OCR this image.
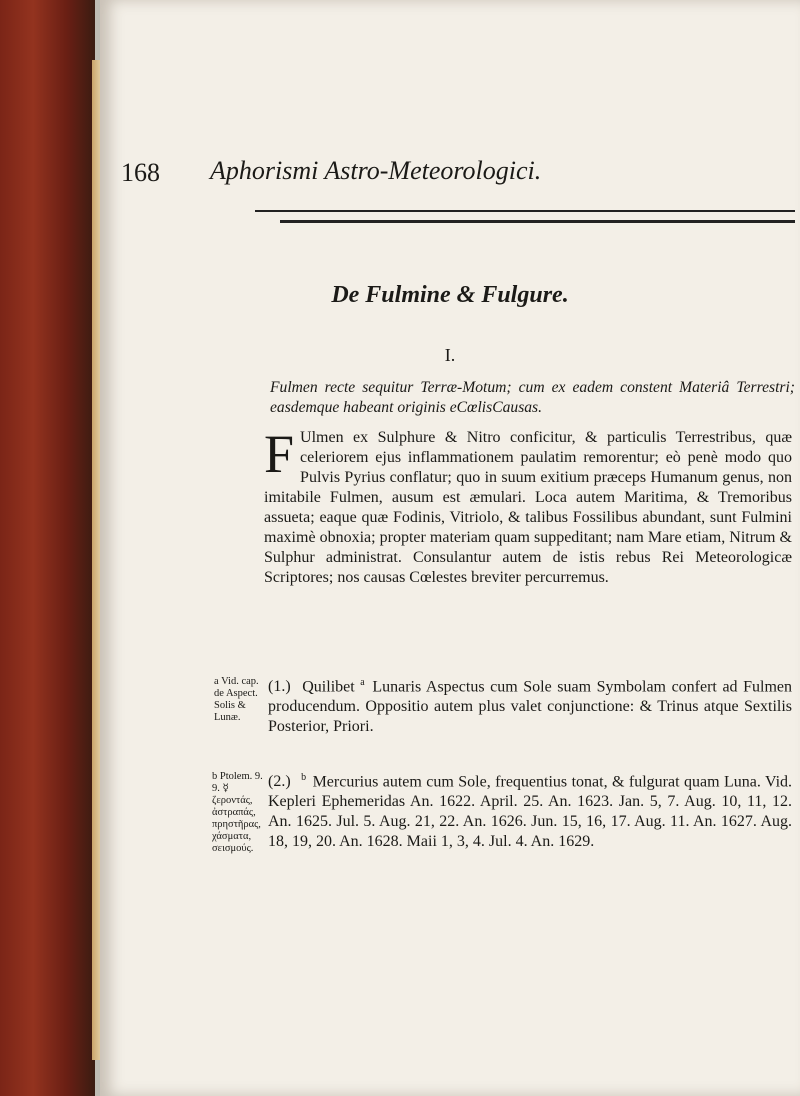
168 Aphorismi Astro-Meteorologici.
De Fulmine & Fulgure.
I.
Fulmen recte sequitur Terræ-Motum; cum ex eadem constent Materiâ Terrestri; easdemque habeant originis eCœlisCausas.
F Ulmen ex Sulphure & Nitro conficitur, & particulis Terrestribus, quæ celeriorem ejus inflammationem paulatim remorentur; eò penè modo quo Pulvis Pyrius conflatur; quo in suum exitium præceps Humanum genus, non imitabile Fulmen, ausum est æmulari. Loca autem Maritima, & Tremoribus assueta; eaque quæ Fodinis, Vitriolo, & talibus Fossilibus abundant, sunt Fulmini maximè obnoxia; propter materiam quam suppeditant; nam Mare etiam, Nitrum & Sulphur administrat. Consulantur autem de istis rebus Rei Meteorologicæ Scriptores; nos causas Cœlestes breviter percurremus.
a Vid. cap. de Aspect. Solis & Lunæ.
(1.) Quilibet $^a$ Lunaris Aspectus cum Sole suam Symbolam confert ad Fulmen producendum. Oppositio autem plus valet conjunctione: & Trinus atque Sextilis Posterior, Priori.
b Ptolem. 9. 9. ☿ ζεροντάς, ἀστραπάς, πρηστῆρας, χάσματα, σεισμούς.
(2.) $^b$ Mercurius autem cum Sole, frequentius tonat, & fulgurat quam Luna. Vid. Kepleri Ephemeridas An. 1622. April. 25. An. 1623. Jan. 5, 7. Aug. 10, 11, 12. An. 1625. Jul. 5. Aug. 21, 22. An. 1626. Jun. 15, 16, 17. Aug. 11. An. 1627. Aug. 18, 19, 20. An. 1628. Maii 1, 3, 4. Jul. 4. An. 1629.
